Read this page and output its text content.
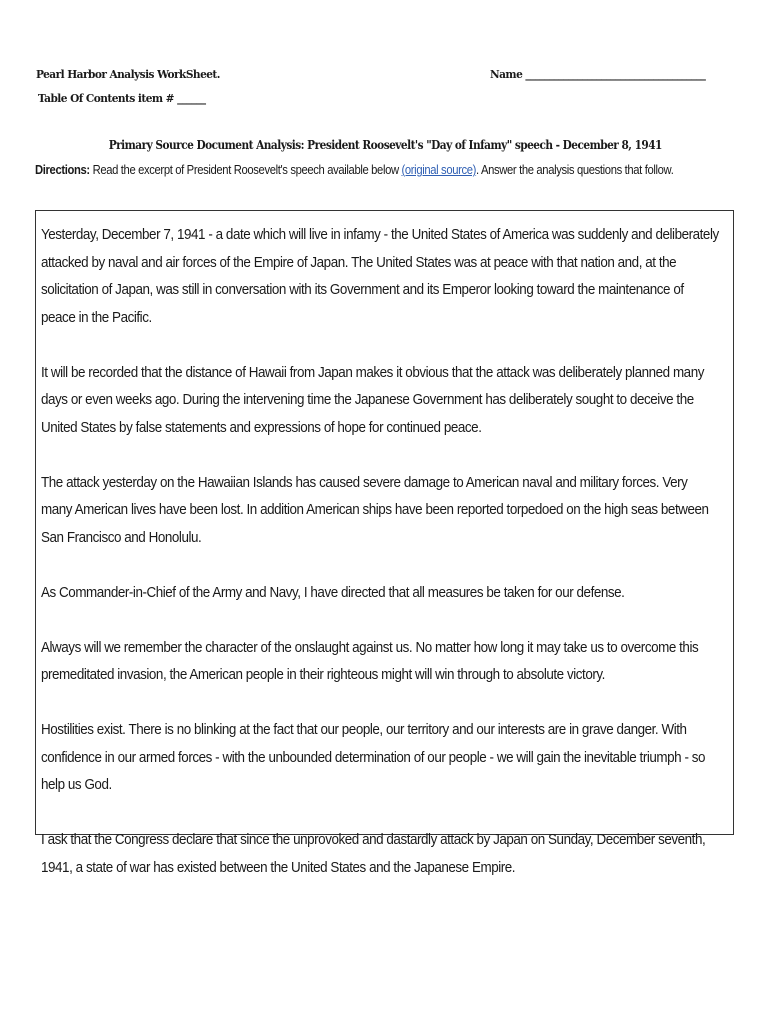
Pearl Harbor Analysis WorkSheet.
Table Of Contents item # ______
Name ______________________________________
Primary Source Document Analysis: President Roosevelt's "Day of Infamy" speech - December 8, 1941
Directions: Read the excerpt of President Roosevelt's speech available below (original source). Answer the analysis questions that follow.

Yesterday, December 7, 1941 - a date which will live in infamy - the United States of America was suddenly and deliberately attacked by naval and air forces of the Empire of Japan. The United States was at peace with that nation and, at the solicitation of Japan, was still in conversation with its Government and its Emperor looking toward the maintenance of peace in the Pacific.

It will be recorded that the distance of Hawaii from Japan makes it obvious that the attack was deliberately planned many days or even weeks ago. During the intervening time the Japanese Government has deliberately sought to deceive the United States by false statements and expressions of hope for continued peace.

The attack yesterday on the Hawaiian Islands has caused severe damage to American naval and military forces. Very many American lives have been lost. In addition American ships have been reported torpedoed on the high seas between San Francisco and Honolulu.

As Commander-in-Chief of the Army and Navy, I have directed that all measures be taken for our defense.

Always will we remember the character of the onslaught against us. No matter how long it may take us to overcome this premeditated invasion, the American people in their righteous might will win through to absolute victory.

Hostilities exist. There is no blinking at the fact that our people, our territory and our interests are in grave danger. With confidence in our armed forces - with the unbounded determination of our people - we will gain the inevitable triumph - so help us God.

I ask that the Congress declare that since the unprovoked and dastardly attack by Japan on Sunday, December seventh, 1941, a state of war has existed between the United States and the Japanese Empire.
